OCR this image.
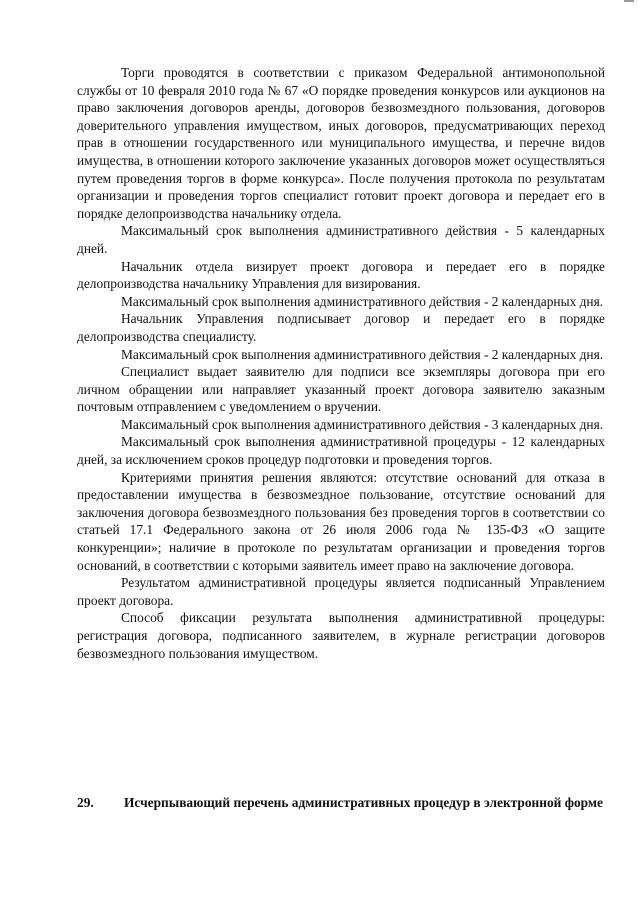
Торги проводятся в соответствии с приказом Федеральной антимонопольной службы от 10 февраля 2010 года № 67 «О порядке проведения конкурсов или аукционов на право заключения договоров аренды, договоров безвозмездного пользования, договоров доверительного управления имуществом, иных договоров, предусматривающих переход прав в отношении государственного или муниципального имущества, и перечне видов имущества, в отношении которого заключение указанных договоров может осуществляться путем проведения торгов в форме конкурса». После получения протокола по результатам организации и проведения торгов специалист готовит проект договора и передает его в порядке делопроизводства начальнику отдела.

Максимальный срок выполнения административного действия - 5 календарных дней.

Начальник отдела визирует проект договора и передает его в порядке делопроизводства начальнику Управления для визирования.

Максимальный срок выполнения административного действия - 2 календарных дня.

Начальник Управления подписывает договор и передает его в порядке делопроизводства специалисту.

Максимальный срок выполнения административного действия - 2 календарных дня.

Специалист выдает заявителю для подписи все экземпляры договора при его личном обращении или направляет указанный проект договора заявителю заказным почтовым отправлением с уведомлением о вручении.

Максимальный срок выполнения административного действия - 3 календарных дня.

Максимальный срок выполнения административной процедуры - 12 календарных дней, за исключением сроков процедур подготовки и проведения торгов.

Критериями принятия решения являются: отсутствие оснований для отказа в предоставлении имущества в безвозмездное пользование, отсутствие оснований для заключения договора безвозмездного пользования без проведения торгов в соответствии со статьей 17.1 Федерального закона от 26 июля 2006 года № 135-ФЗ «О защите конкуренции»; наличие в протоколе по результатам организации и проведения торгов оснований, в соответствии с которыми заявитель имеет право на заключение договора.

Результатом административной процедуры является подписанный Управлением проект договора.

Способ фиксации результата выполнения административной процедуры: регистрация договора, подписанного заявителем, в журнале регистрации договоров безвозмездного пользования имуществом.

29. Исчерпывающий перечень административных процедур в электронной форме
